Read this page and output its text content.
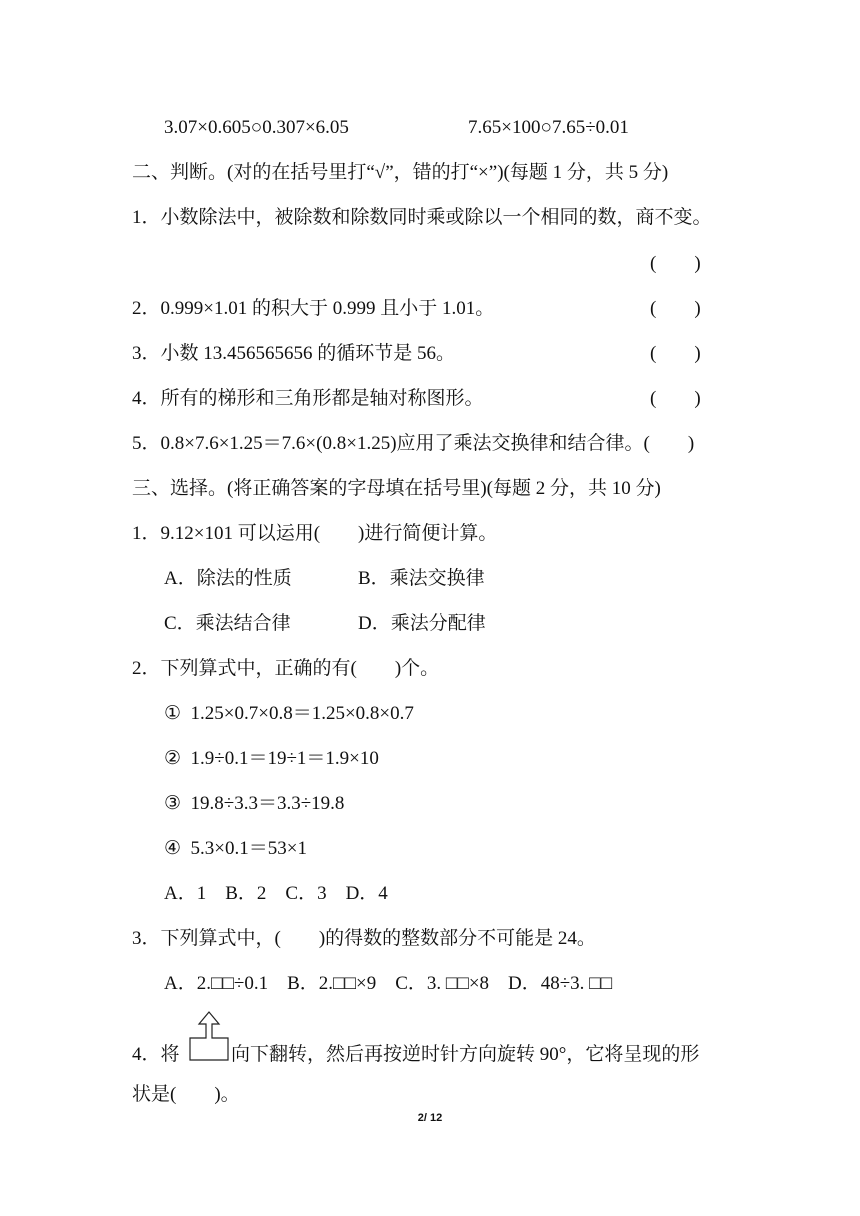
3.07×0.605○0.307×6.05	7.65×100○7.65÷0.01
二、判断。(对的在括号里打“√”，错的打“×”)(每题 1 分，共 5 分)
1．小数除法中，被除数和除数同时乘或除以一个相同的数，商不变。
(　　)
2．0.999×1.01 的积大于 0.999 且小于 1.01。	(　　)
3．小数 13.456565656 的循环节是 56。	(　　)
4．所有的梯形和三角形都是轴对称图形。	(　　)
5．0.8×7.6×1.25＝7.6×(0.8×1.25)应用了乘法交换律和结合律。(　　)
三、选择。(将正确答案的字母填在括号里)(每题 2 分，共 10 分)
1．9.12×101 可以运用(　　)进行简便计算。
A．除法的性质	B．乘法交换律
C．乘法结合律	D．乘法分配律
2．下列算式中，正确的有(　　)个。
①  1.25×0.7×0.8＝1.25×0.8×0.7
②  1.9÷0.1＝19÷1＝1.9×10
③  19.8÷3.3＝3.3÷19.8
④  5.3×0.1＝53×1
A．1　B．2　C．3　D．4
3．下列算式中，(　　)的得数的整数部分不可能是 24。
A．2.□□÷0.1　B．2.□□×9　C．3. □□×8　D．48÷3. □□
4．将	向下翻转，然后再按逆时针方向旋转 90°，它将呈现的形
状是(　　)。
2/ 12
